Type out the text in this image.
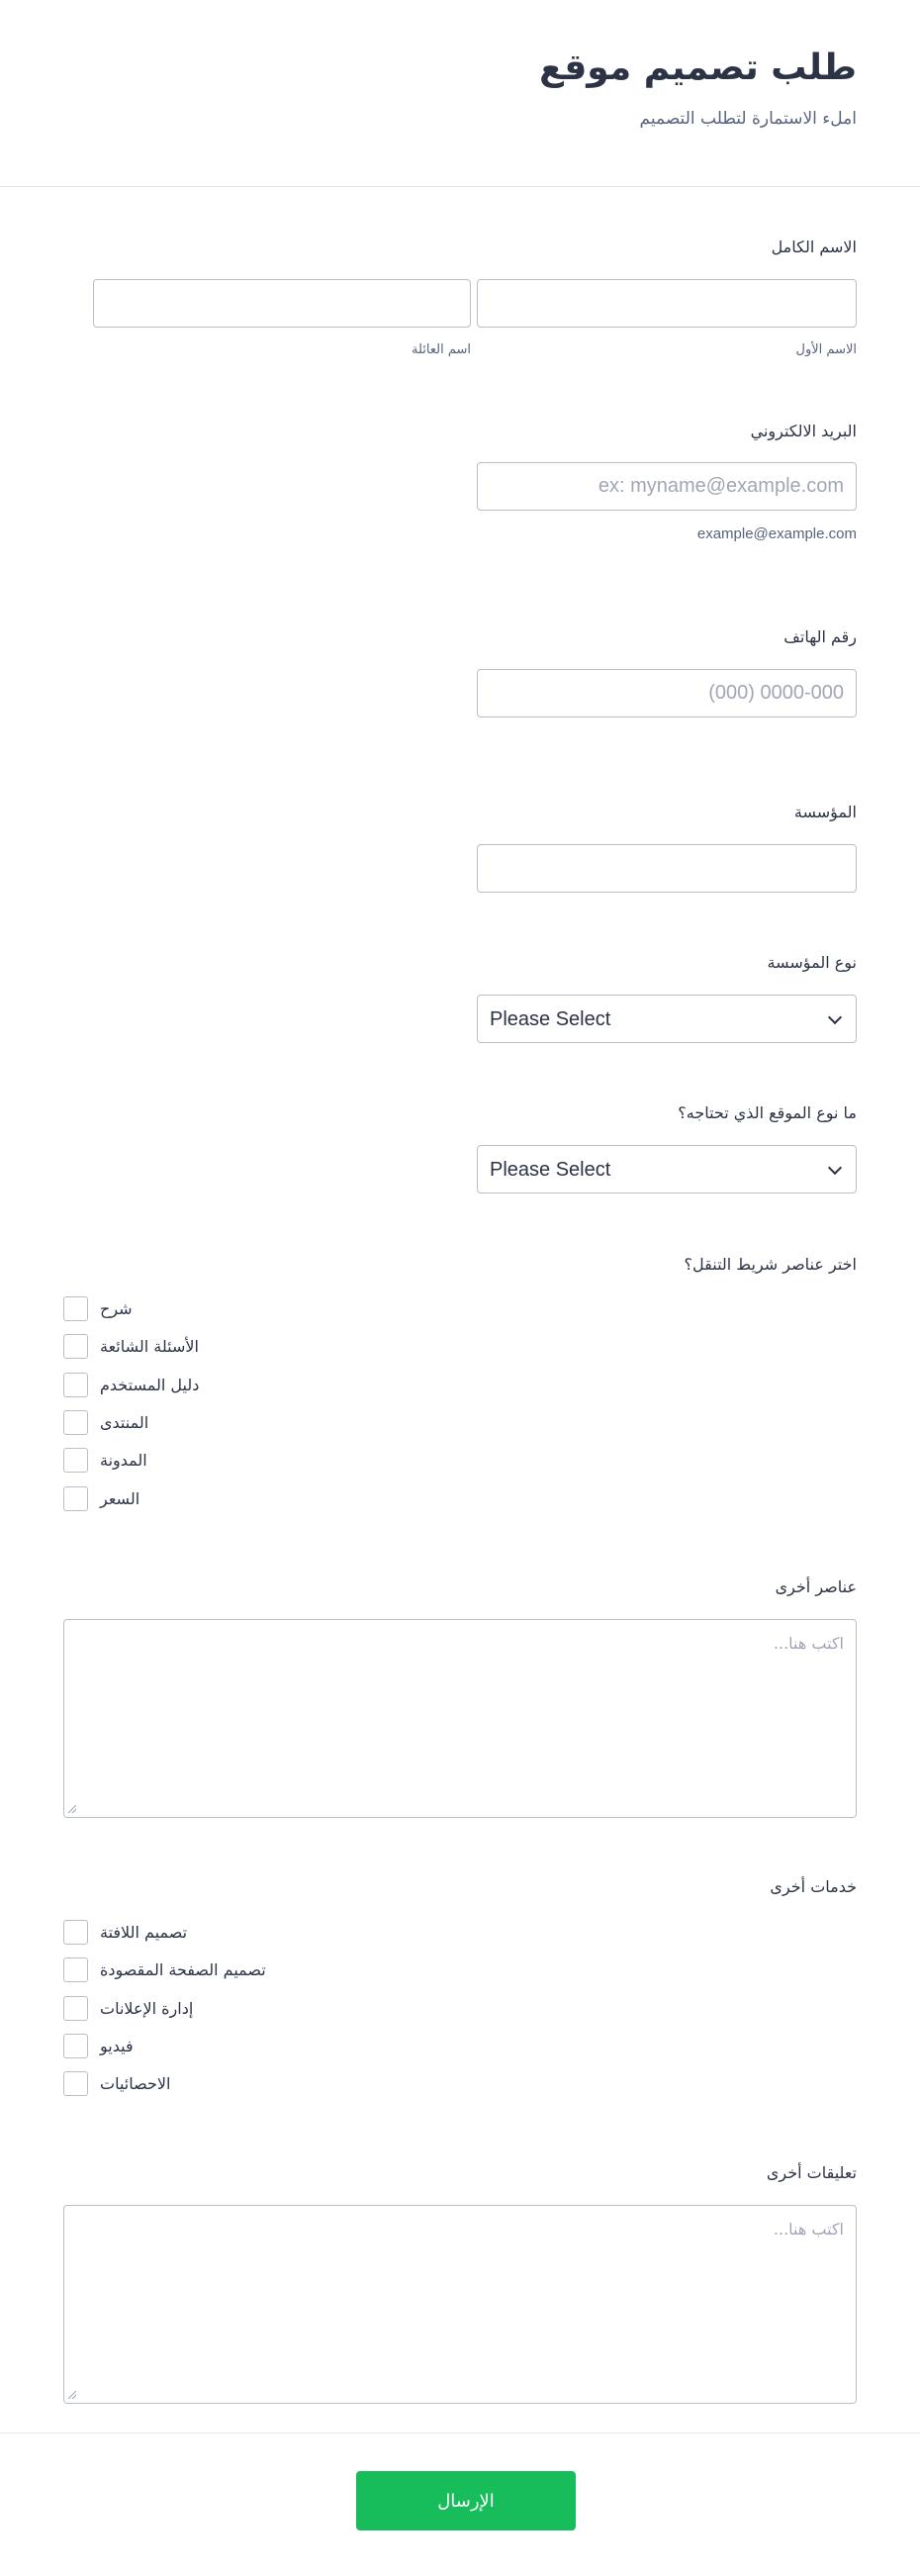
طلب تصميم موقع
املء الاستمارة لتطلب التصميم
الاسم الكامل
الاسم الأول
اسم العائلة
البريد الالكتروني
ex: myname@example.com
example@example.com
رقم الهاتف
(000) 0000-000
المؤسسة
نوع المؤسسة
Please Select
ما نوع الموقع الذي تحتاجه؟
Please Select
اختر عناصر شريط التنقل؟
شرح
الأسئلة الشائعة
دليل المستخدم
المنتدى
المدونة
السعر
عناصر أخرى
اكتب هنا...
خدمات أخرى
تصميم اللافتة
تصميم الصفحة المقصودة
إدارة الإعلانات
فيديو
الاحصائيات
تعليقات أخرى
اكتب هنا...
الإرسال
